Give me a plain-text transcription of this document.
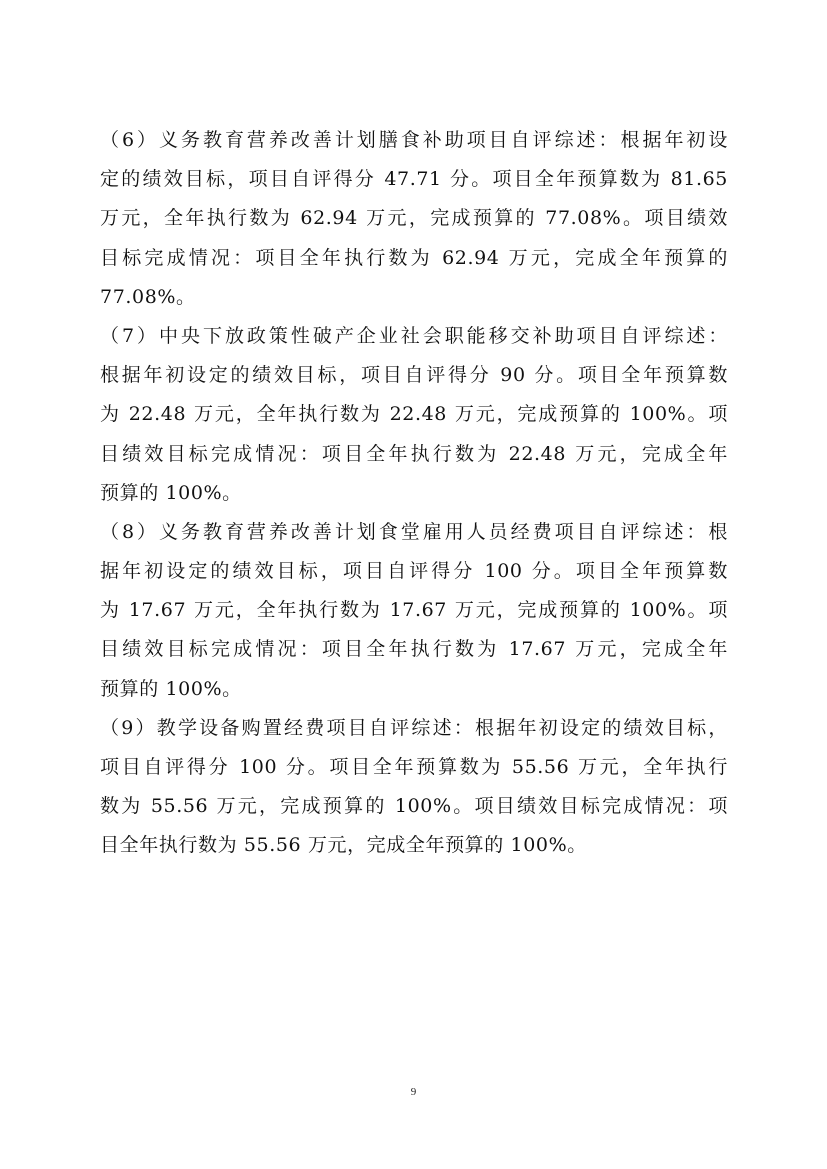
（6）义务教育营养改善计划膳食补助项目自评综述：根据年初设
定的绩效目标，项目自评得分 47.71 分。项目全年预算数为 81.65
万元，全年执行数为 62.94 万元，完成预算的 77.08%。项目绩效
目标完成情况：项目全年执行数为 62.94 万元，完成全年预算的
77.08%。
（7）中央下放政策性破产企业社会职能移交补助项目自评综述：
根据年初设定的绩效目标，项目自评得分 90 分。项目全年预算数
为 22.48 万元，全年执行数为 22.48 万元，完成预算的 100%。项
目绩效目标完成情况：项目全年执行数为 22.48 万元，完成全年
预算的 100%。
（8）义务教育营养改善计划食堂雇用人员经费项目自评综述：根
据年初设定的绩效目标，项目自评得分 100 分。项目全年预算数
为 17.67 万元，全年执行数为 17.67 万元，完成预算的 100%。项
目绩效目标完成情况：项目全年执行数为 17.67 万元，完成全年
预算的 100%。
（9）教学设备购置经费项目自评综述：根据年初设定的绩效目标，
项目自评得分 100 分。项目全年预算数为 55.56 万元，全年执行
数为 55.56 万元，完成预算的 100%。项目绩效目标完成情况：项
目全年执行数为 55.56 万元，完成全年预算的 100%。
9
